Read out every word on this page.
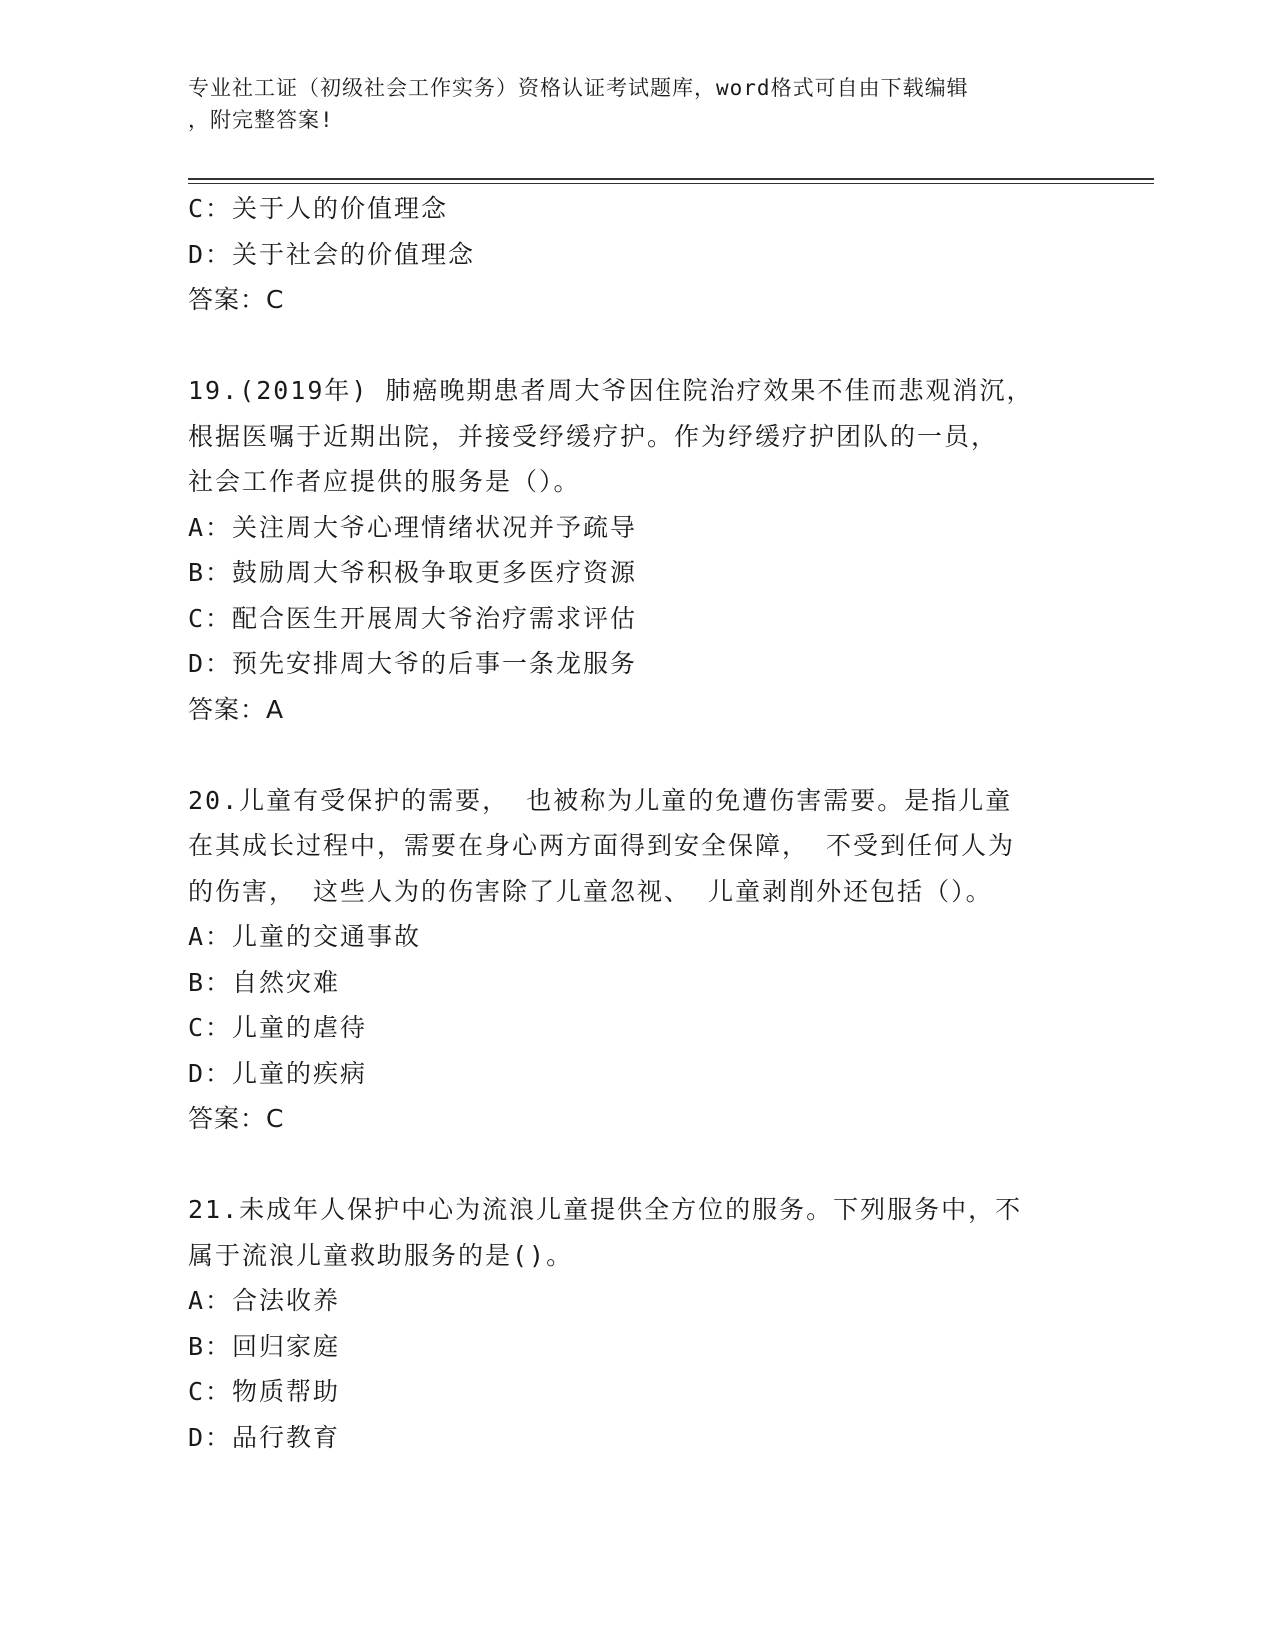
专业社工证（初级社会工作实务）资格认证考试题库，word格式可自由下载编辑
，附完整答案!
C：关于人的价值理念
D：关于社会的价值理念
答案：C
19.(2019年) 肺癌晚期患者周大爷因住院治疗效果不佳而悲观消沉，
根据医嘱于近期出院，并接受纾缓疗护。作为纾缓疗护团队的一员，
社会工作者应提供的服务是（）。
A：关注周大爷心理情绪状况并予疏导
B：鼓励周大爷积极争取更多医疗资源
C：配合医生开展周大爷治疗需求评估
D：预先安排周大爷的后事一条龙服务
答案：A
20.儿童有受保护的需要， 也被称为儿童的免遭伤害需要。是指儿童
在其成长过程中，需要在身心两方面得到安全保障， 不受到任何人为
的伤害， 这些人为的伤害除了儿童忽视、 儿童剥削外还包括（）。
A：儿童的交通事故
B：自然灾难
C：儿童的虐待
D：儿童的疾病
答案：C
21.未成年人保护中心为流浪儿童提供全方位的服务。下列服务中，不
属于流浪儿童救助服务的是()。
A：合法收养
B：回归家庭
C：物质帮助
D：品行教育
